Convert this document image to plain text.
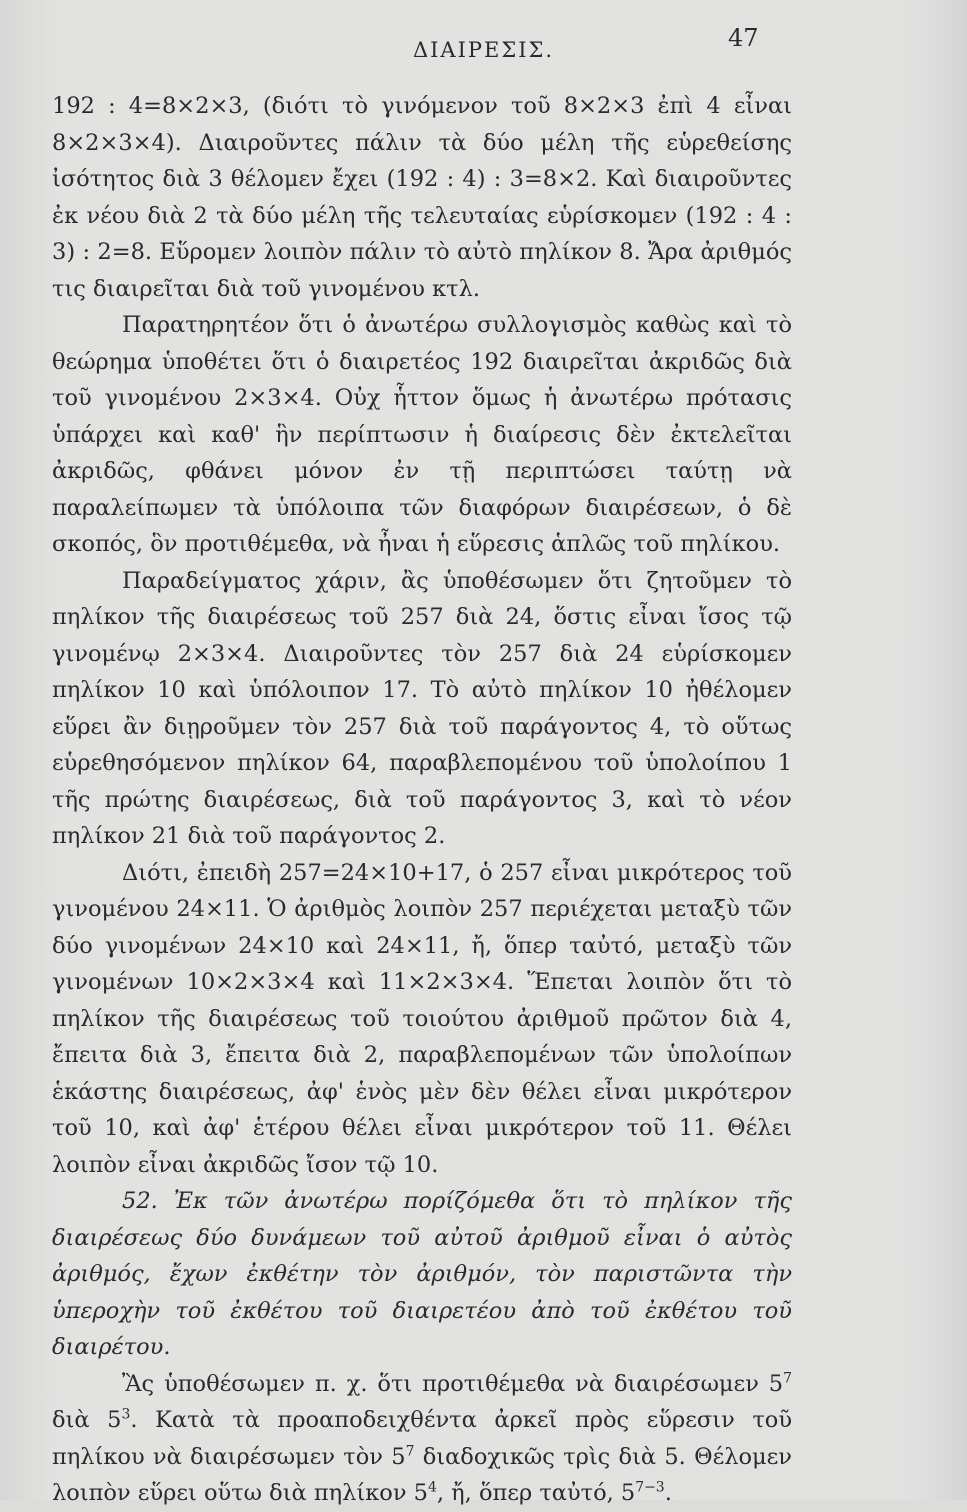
ΔΙΑΙΡΕΣΙΣ.	47

192 : 4=8×2×3, (διότι τὸ γινόμενον τοῦ 8×2×3 ἐπὶ 4 εἶναι 8×2×3×4). Διαιροῦντες πάλιν τὰ δύο μέλη τῆς εὑρεθείσης ἰσότητος διὰ 3 θέλομεν ἔχει (192 : 4) : 3=8×2. Καὶ διαιροῦντες ἐκ νέου διὰ 2 τὰ δύο μέλη τῆς τελευταίας εὑρίσκομεν (192 : 4 : 3) : 2=8. Εὕρομεν λοιπὸν πάλιν τὸ αὐτὸ πηλίκον 8. Ἄρα ἀριθμός τις διαιρεῖται διὰ τοῦ γινομένου κτλ.

Παρατηρητέον ὅτι ὁ ἀνωτέρω συλλογισμὸς καθὼς καὶ τὸ θεώρημα ὑποθέτει ὅτι ὁ διαιρετέος 192 διαιρεῖται ἀκριδῶς διὰ τοῦ γινομένου 2×3×4. Οὐχ ἧττον ὅμως ἡ ἀνωτέρω πρότασις ὑπάρχει καὶ καθ' ἣν περίπτωσιν ἡ διαίρεσις δὲν ἐκτελεῖται ἀκριδῶς, φθάνει μόνον ἐν τῇ περιπτώσει ταύτῃ νὰ παραλείπωμεν τὰ ὑπόλοιπα τῶν διαφόρων διαιρέσεων, ὁ δὲ σκοπός, ὃν προτιθέμεθα, νὰ ἦναι ἡ εὕρεσις ἁπλῶς τοῦ πηλίκου.

Παραδείγματος χάριν, ἂς ὑποθέσωμεν ὅτι ζητοῦμεν τὸ πηλίκον τῆς διαιρέσεως τοῦ 257 διὰ 24, ὅστις εἶναι ἴσος τῷ γινομένῳ 2×3×4. Διαιροῦντες τὸν 257 διὰ 24 εὑρίσκομεν πηλίκον 10 καὶ ὑπόλοιπον 17. Τὸ αὐτὸ πηλίκον 10 ἠθέλομεν εὕρει ἂν διῃροῦμεν τὸν 257 διὰ τοῦ παράγοντος 4, τὸ οὕτως εὑρεθησόμενον πηλίκον 64, παραβλεπομένου τοῦ ὑπολοίπου 1 τῆς πρώτης διαιρέσεως, διὰ τοῦ παράγοντος 3, καὶ τὸ νέον πηλίκον 21 διὰ τοῦ παράγοντος 2.

Διότι, ἐπειδὴ 257=24×10+17, ὁ 257 εἶναι μικρότερος τοῦ γινομένου 24×11. Ὁ ἀριθμὸς λοιπὸν 257 περιέχεται μεταξὺ τῶν δύο γινομένων 24×10 καὶ 24×11, ἤ, ὅπερ ταὐτό, μεταξὺ τῶν γινομένων 10×2×3×4 καὶ 11×2×3×4. Ἕπεται λοιπὸν ὅτι τὸ πηλίκον τῆς διαιρέσεως τοῦ τοιούτου ἀριθμοῦ πρῶτον διὰ 4, ἔπειτα διὰ 3, ἔπειτα διὰ 2, παραβλεπομένων τῶν ὑπολοίπων ἑκάστης διαιρέσεως, ἀφ' ἑνὸς μὲν δὲν θέλει εἶναι μικρότερον τοῦ 10, καὶ ἀφ' ἑτέρου θέλει εἶναι μικρότερον τοῦ 11. Θέλει λοιπὸν εἶναι ἀκριδῶς ἴσον τῷ 10.

52. Ἐκ τῶν ἀνωτέρω πορίζόμεθα ὅτι τὸ πηλίκον τῆς διαιρέσεως δύο δυνάμεων τοῦ αὐτοῦ ἀριθμοῦ εἶναι ὁ αὐτὸς ἀριθμός, ἔχων ἐκθέτην τὸν ἀριθμόν, τὸν παριστῶντα τὴν ὑπεροχὴν τοῦ ἐκθέτου τοῦ διαιρετέου ἀπὸ τοῦ ἐκθέτου τοῦ διαιρέτου.

Ἂς ὑποθέσωμεν π. χ. ὅτι προτιθέμεθα νὰ διαιρέσωμεν $5^7$ διὰ $5^3$. Κατὰ τὰ προαποδειχθέντα ἀρκεῖ πρὸς εὕρεσιν τοῦ πηλίκου νὰ διαιρέσωμεν τὸν $5^7$ διαδοχικῶς τρὶς διὰ 5. Θέλομεν λοιπὸν εὕρει οὕτω διὰ πηλίκον $5^4$, ἤ, ὅπερ ταὐτό, $5^{7-3}$.
